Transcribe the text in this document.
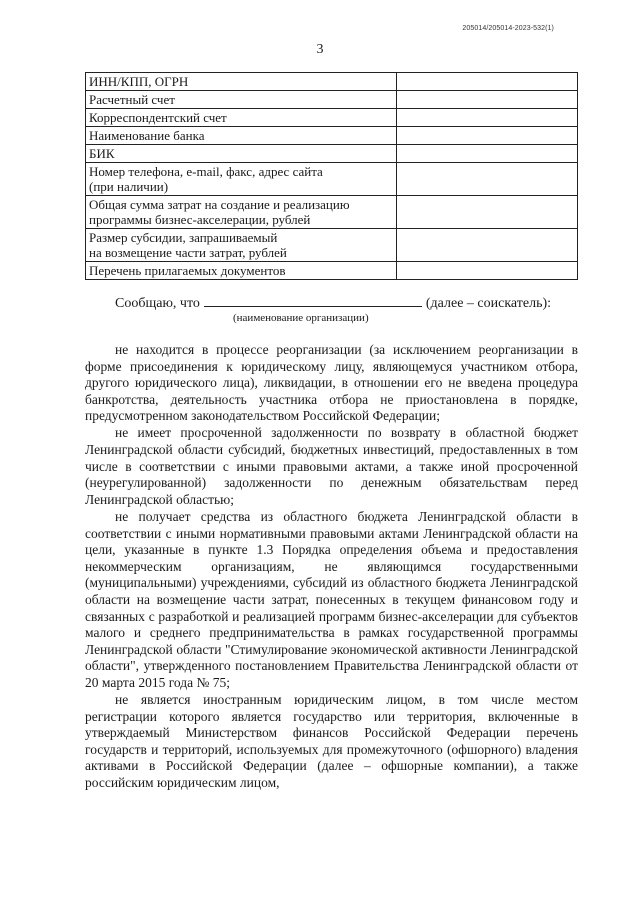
205014/205014-2023-532(1)
3
ИНН/КПП, ОГРН	

Расчетный счет	

Корреспондентский счет	

Наименование банка	

БИК	

Номер телефона, e-mail, факс, адрес сайта
(при наличии)	

Общая сумма затрат на создание и реализацию
программы бизнес-акселерации, рублей	

Размер субсидии, запрашиваемый
на возмещение части затрат, рублей	

Перечень прилагаемых документов	

Сообщаю, что	(далее – соискатель):
(наименование организации)

не находится в процессе реорганизации (за исключением реорганизации в форме присоединения к юридическому лицу, являющемуся участником отбора, другого юридического лица), ликвидации, в отношении его не введена процедура банкротства, деятельность участника отбора не приостановлена в порядке, предусмотренном законодательством Российской Федерации;

не имеет просроченной задолженности по возврату в областной бюджет Ленинградской области субсидий, бюджетных инвестиций, предоставленных в том числе в соответствии с иными правовыми актами, а также иной просроченной (неурегулированной) задолженности по денежным обязательствам перед Ленинградской областью;

не получает средства из областного бюджета Ленинградской области в соответствии с иными нормативными правовыми актами Ленинградской области на цели, указанные в пункте 1.3 Порядка определения объема и предоставления некоммерческим организациям, не являющимся государственными (муниципальными) учреждениями, субсидий из областного бюджета Ленинградской области на возмещение части затрат, понесенных в текущем финансовом году и связанных с разработкой и реализацией программ бизнес-акселерации для субъектов малого и среднего предпринимательства в рамках государственной программы Ленинградской области "Стимулирование экономической активности Ленинградской области", утвержденного постановлением Правительства Ленинградской области от 20 марта 2015 года № 75;

не является иностранным юридическим лицом, в том числе местом регистрации которого является государство или территория, включенные в утверждаемый Министерством финансов Российской Федерации перечень государств и территорий, используемых для промежуточного (офшорного) владения активами в Российской Федерации (далее – офшорные компании), а также российским юридическим лицом,
